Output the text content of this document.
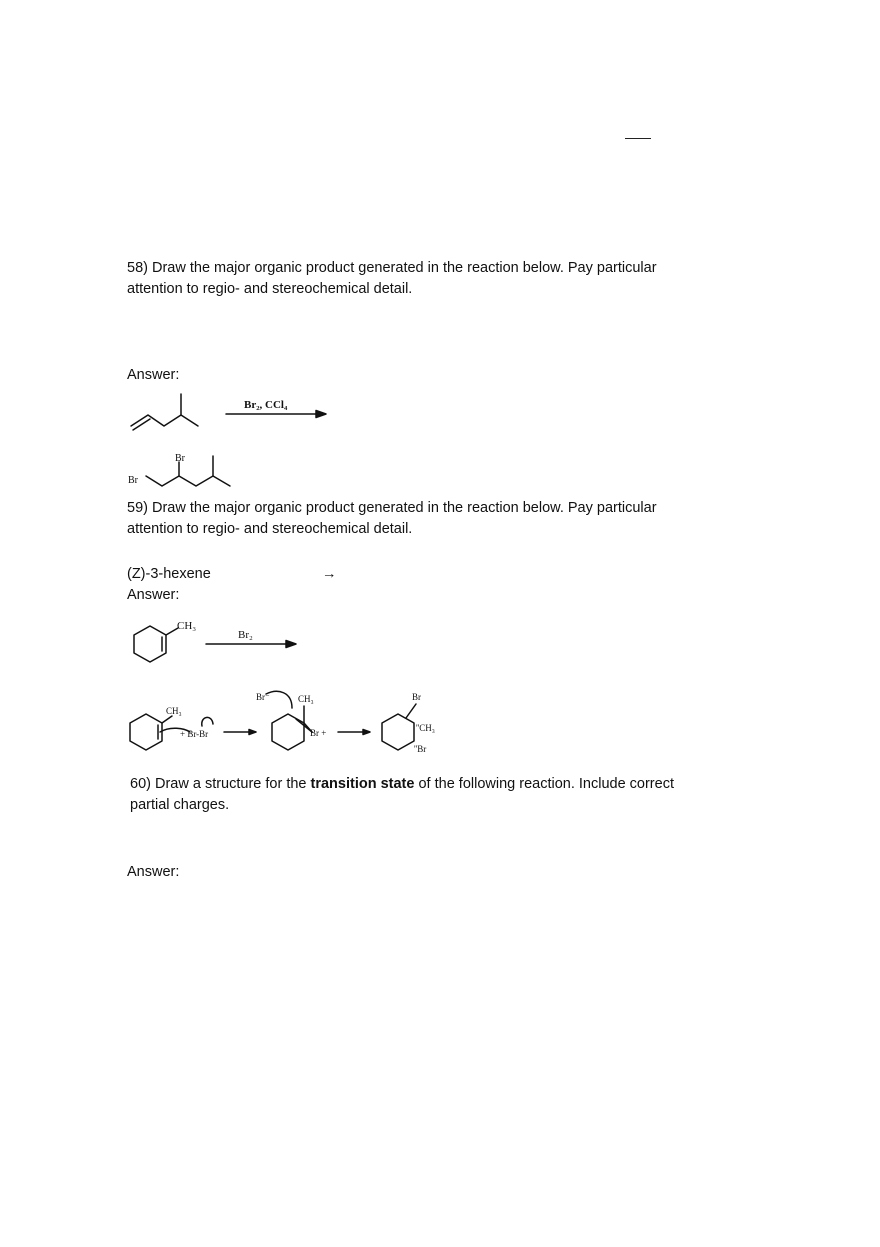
58) Draw the major organic product generated in the reaction below. Pay particular
attention to regio- and stereochemical detail.
Answer:
Br₂, CCl₄
Br
Br
59) Draw the major organic product generated in the reaction below. Pay particular
attention to regio- and stereochemical detail.
(Z)-3-hexene	→
Answer:
CH₃
Br₂
CH₃
+ Br-Br
Br⁻	CH₃
Br +
Br
''CH₃
''Br
60) Draw a structure for the transition state of the following reaction. Include correct
partial charges.
Answer:
